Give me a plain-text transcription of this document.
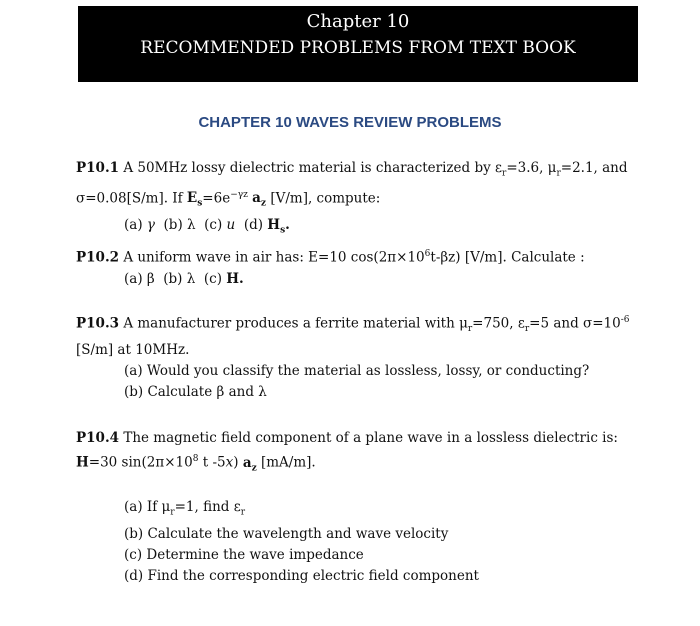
Chapter 10
RECOMMENDED PROBLEMS FROM TEXT BOOK
CHAPTER 10 WAVES REVIEW PROBLEMS
P10.1 A 50MHz lossy dielectric material is characterized by $\varepsilon_r=3.6$, $\mu_r=2.1$, and σ=0.08[S/m]. If $E_s=6e^{-\gamma z}$ $a_z$ [V/m], compute:
(a) γ  (b) λ  (c) u  (d) $H_s$.
P10.2 A uniform wave in air has: E=10 $\cos(2\pi\times 10^6t-\beta z)$ [V/m]. Calculate :
(a) β  (b) λ  (c) H.
P10.3 A manufacturer produces a ferrite material with $\mu_r=750$, $\varepsilon_r=5$ and $\sigma=10^{-6}$ [S/m] at 10MHz.
(a) Would you classify the material as lossless, lossy, or conducting?
(b) Calculate β and λ
P10.4 The magnetic field component of a plane wave in a lossless dielectric is: H=30 $\sin(2\pi\times 10^8$ t -5x) $a_z$ [mA/m].
(a) If $\mu_r=1$, find $\varepsilon_r$
(b) Calculate the wavelength and wave velocity
(c) Determine the wave impedance
(d) Find the corresponding electric field component
